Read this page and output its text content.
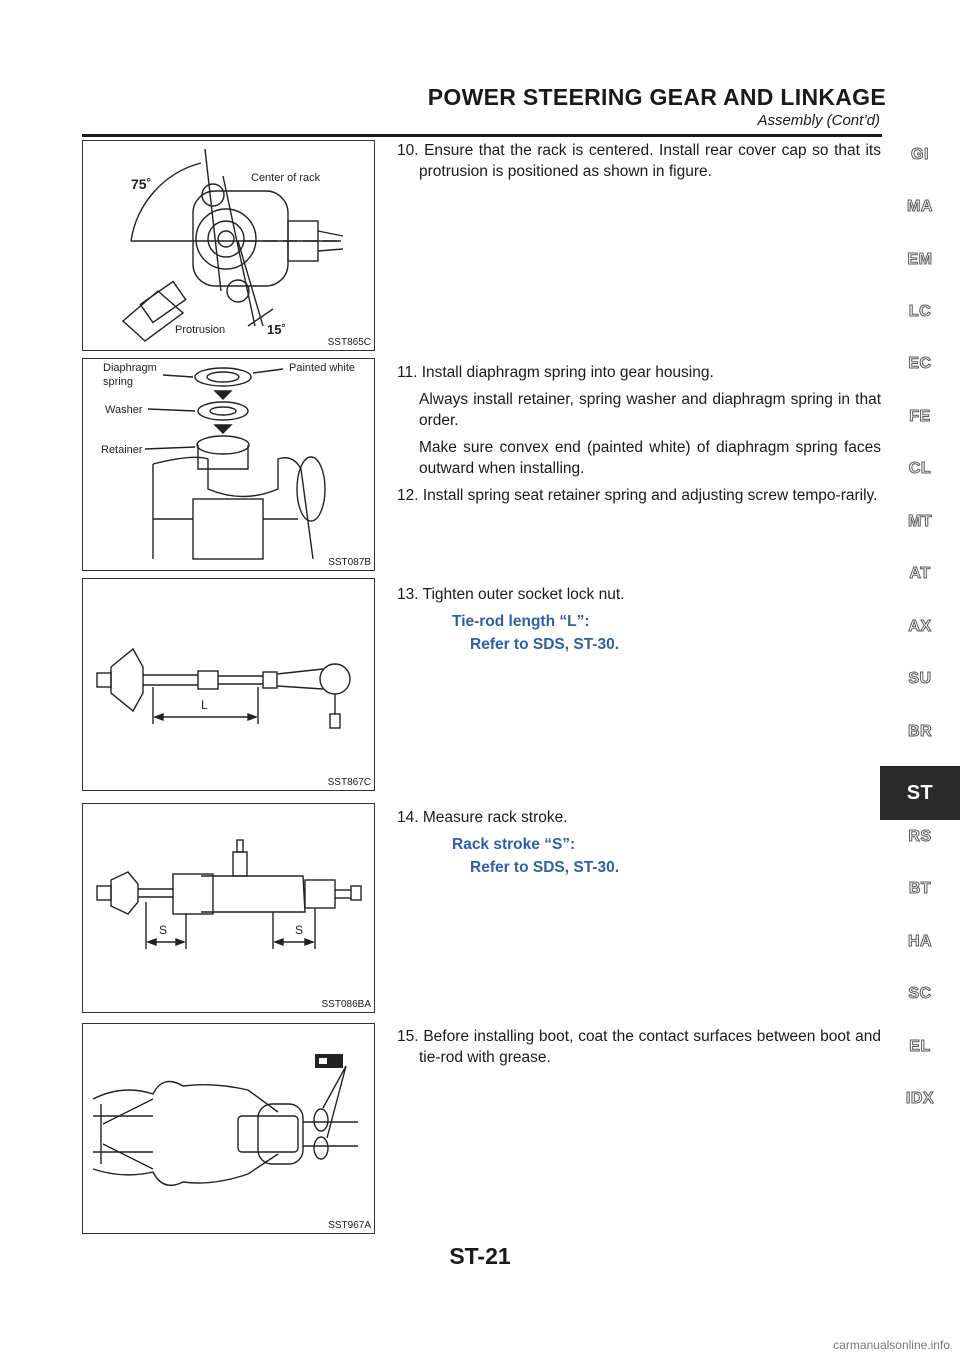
POWER STEERING GEAR AND LINKAGE
Assembly (Cont’d)
75˚	Center of rack
Protrusion	15˚
SST865C
Diaphragm
spring
Painted white
Washer
Retainer
SST087B
L
SST867C
S	S
SST086BA
SST967A

10. Ensure that the rack is centered. Install rear cover cap so that its protrusion is positioned as shown in figure.

11. Install diaphragm spring into gear housing.

Always install retainer, spring washer and diaphragm spring in that order.

Make sure convex end (painted white) of diaphragm spring faces outward when installing.

12. Install spring seat retainer spring and adjusting screw tempo-rarily.

13. Tighten outer socket lock nut.

Tie-rod length “L”:

Refer to SDS, ST-30.

14. Measure rack stroke.

Rack stroke “S”:

Refer to SDS, ST-30.

15. Before installing boot, coat the contact surfaces between boot and tie-rod with grease.

GI
MA
EM
LC
EC
FE
CL
MT
AT
AX
SU
BR
ST
RS
BT
HA
SC
EL
IDX
ST-21
carmanualsonline.info
